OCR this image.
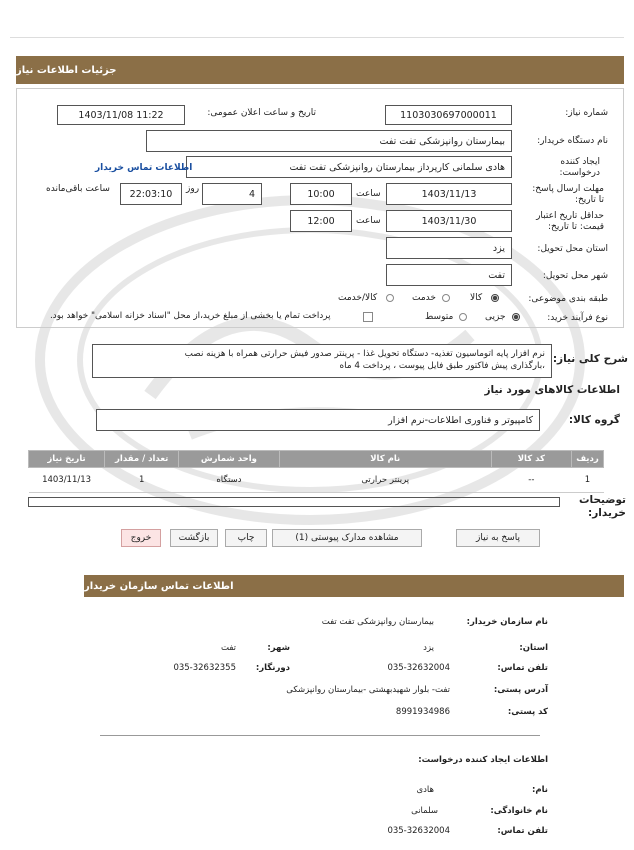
جزئیات اطلاعات نیاز
شماره نیاز:
1103030697000011
تاریخ و ساعت اعلان عمومی:
1403/11/08 11:22
نام دستگاه خریدار:
بیمارستان روانپزشکی تفت تفت
ایجاد کننده درخواست:
هادی سلمانی کارپرداز بیمارستان روانپزشکی تفت تفت
اطلاعات تماس خریدار
مهلت ارسال پاسخ: تا تاریخ:
1403/11/13
ساعت
10:00
4
روز
22:03:10
ساعت باقی‌مانده
حداقل تاریخ اعتبار قیمت: تا تاریخ:
1403/11/30
ساعت
12:00
استان محل تحویل:
یزد
شهر محل تحویل:
تفت
طبقه بندی موضوعی:
کالا
خدمت
کالا/خدمت
نوع فرآیند خرید:
جزیی
متوسط
پرداخت تمام یا بخشی از مبلغ خرید،از محل "اسناد خزانه اسلامی" خواهد بود.
شرح کلی نیاز:
نرم افزار پایه اتوماسیون تغذیه- دستگاه تحویل غذا - پرینتر صدور فیش حرارتی همراه با هزینه نصب
،بارگذاری پیش فاکتور طبق فایل پیوست ، پرداخت 4 ماه
اطلاعات کالاهای مورد نیاز
گروه کالا:
کامپیوتر و فناوری اطلاعات-نرم افزار
ردیف	کد کالا	نام کالا	واحد شمارش	تعداد / مقدار	تاریخ نیاز
1	--	پرینتر حرارتی	دستگاه	1	1403/11/13
توضیحات خریدار:
پاسخ به نیاز
مشاهده مدارک پیوستی (1)
چاپ
بازگشت
خروج
اطلاعات تماس سازمان خریدار
نام سازمان خریدار:
بیمارستان روانپزشکی تفت تفت
استان:
یزد
شهر:
تفت
تلفن تماس:
035-32632004
دورنگار:
035-32632355
آدرس پستی:
تفت- بلوار شهیدبهشتی -بیمارستان روانپزشکی
کد پستی:
8991934986
اطلاعات ایجاد کننده درخواست:
نام:
هادی
نام خانوادگی:
سلمانی
تلفن تماس:
035-32632004
